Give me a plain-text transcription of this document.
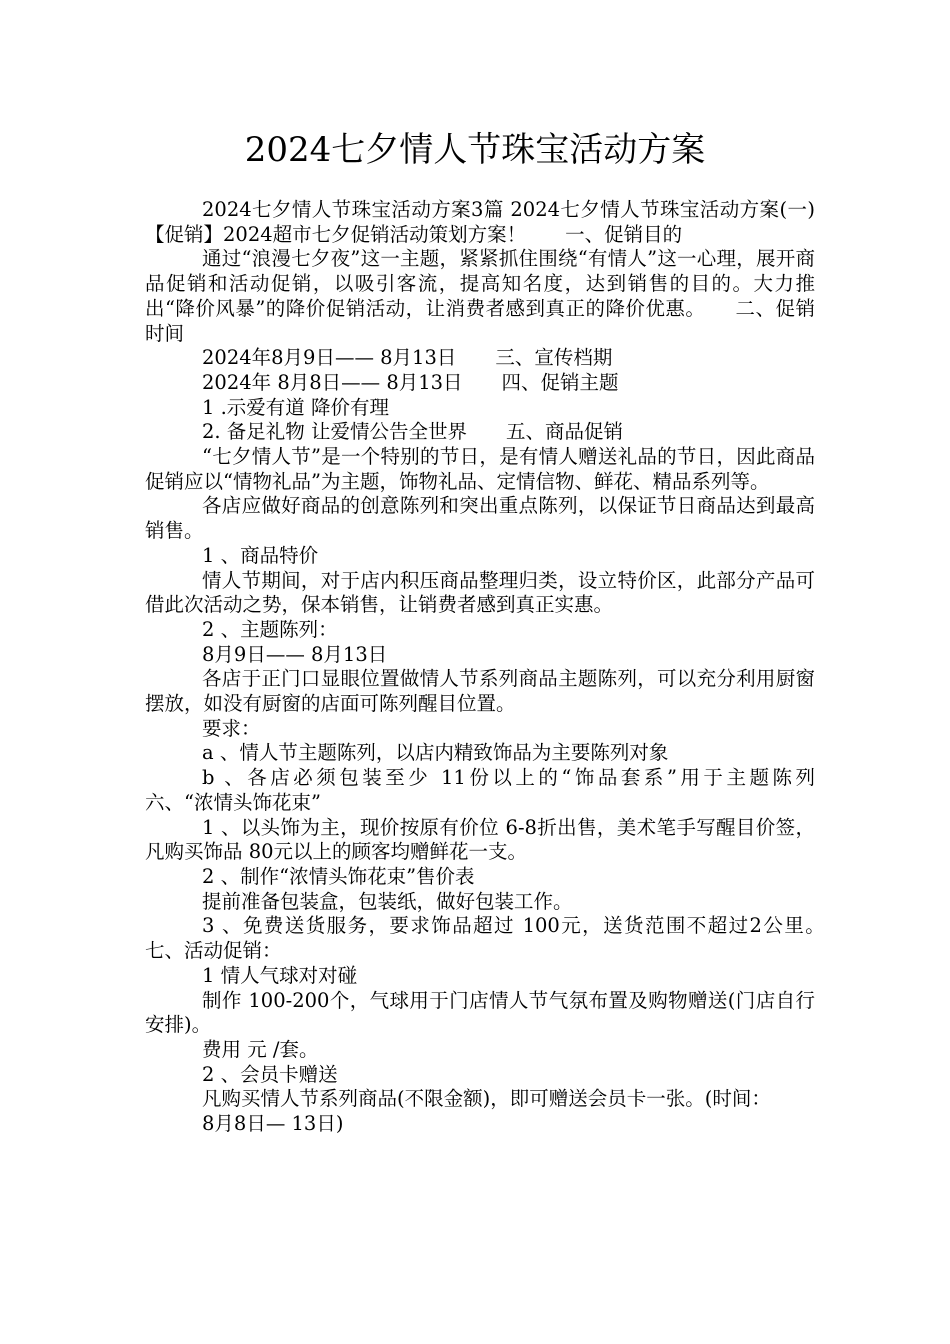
2024七夕情人节珠宝活动方案

2024七夕情人节珠宝活动方案3篇 2024七夕情人节珠宝活动方案(一)　【促销】2024超市七夕促销活动策划方案！　　一、促销目的

通过“浪漫七夕夜”这一主题，紧紧抓住围绕“有情人”这一心理，展开商品促销和活动促销，以吸引客流，提高知名度，达到销售的目的。大力推出“降价风暴”的降价促销活动，让消费者感到真正的降价优惠。　　二、促销时间

2024年8月9日—— 8月13日　　三、宣传档期

2024年 8月8日—— 8月13日　　四、促销主题

1 .示爱有道 降价有理

2. 备足礼物 让爱情公告全世界　　五、商品促销

“七夕情人节”是一个特别的节日，是有情人赠送礼品的节日，因此商品促销应以“情物礼品”为主题，饰物礼品、定情信物、鲜花、精品系列等。

各店应做好商品的创意陈列和突出重点陈列，以保证节日商品达到最高销售。

1 、商品特价

情人节期间，对于店内积压商品整理归类，设立特价区，此部分产品可借此次活动之势，保本销售，让销费者感到真正实惠。

2 、主题陈列：

8月9日—— 8月13日

各店于正门口显眼位置做情人节系列商品主题陈列，可以充分利用厨窗摆放，如没有厨窗的店面可陈列醒目位置。

要求：

a 、情人节主题陈列，以店内精致饰品为主要陈列对象

b 、各店必须包装至少 11份以上的“饰品套系”用于主题陈列　　六、“浓情头饰花束”

1 、以头饰为主，现价按原有价位 6-8折出售，美术笔手写醒目价签，凡购买饰品 80元以上的顾客均赠鲜花一支。

2 、制作“浓情头饰花束”售价表

提前准备包装盒，包装纸，做好包装工作。

3 、免费送货服务，要求饰品超过 100元，送货范围不超过2公里。　　七、活动促销：

1 情人气球对对碰

制作 100-200个，气球用于门店情人节气氛布置及购物赠送(门店自行安排)。

费用 元 /套。

2 、会员卡赠送

凡购买情人节系列商品(不限金额)，即可赠送会员卡一张。(时间：

8月8日— 13日)
